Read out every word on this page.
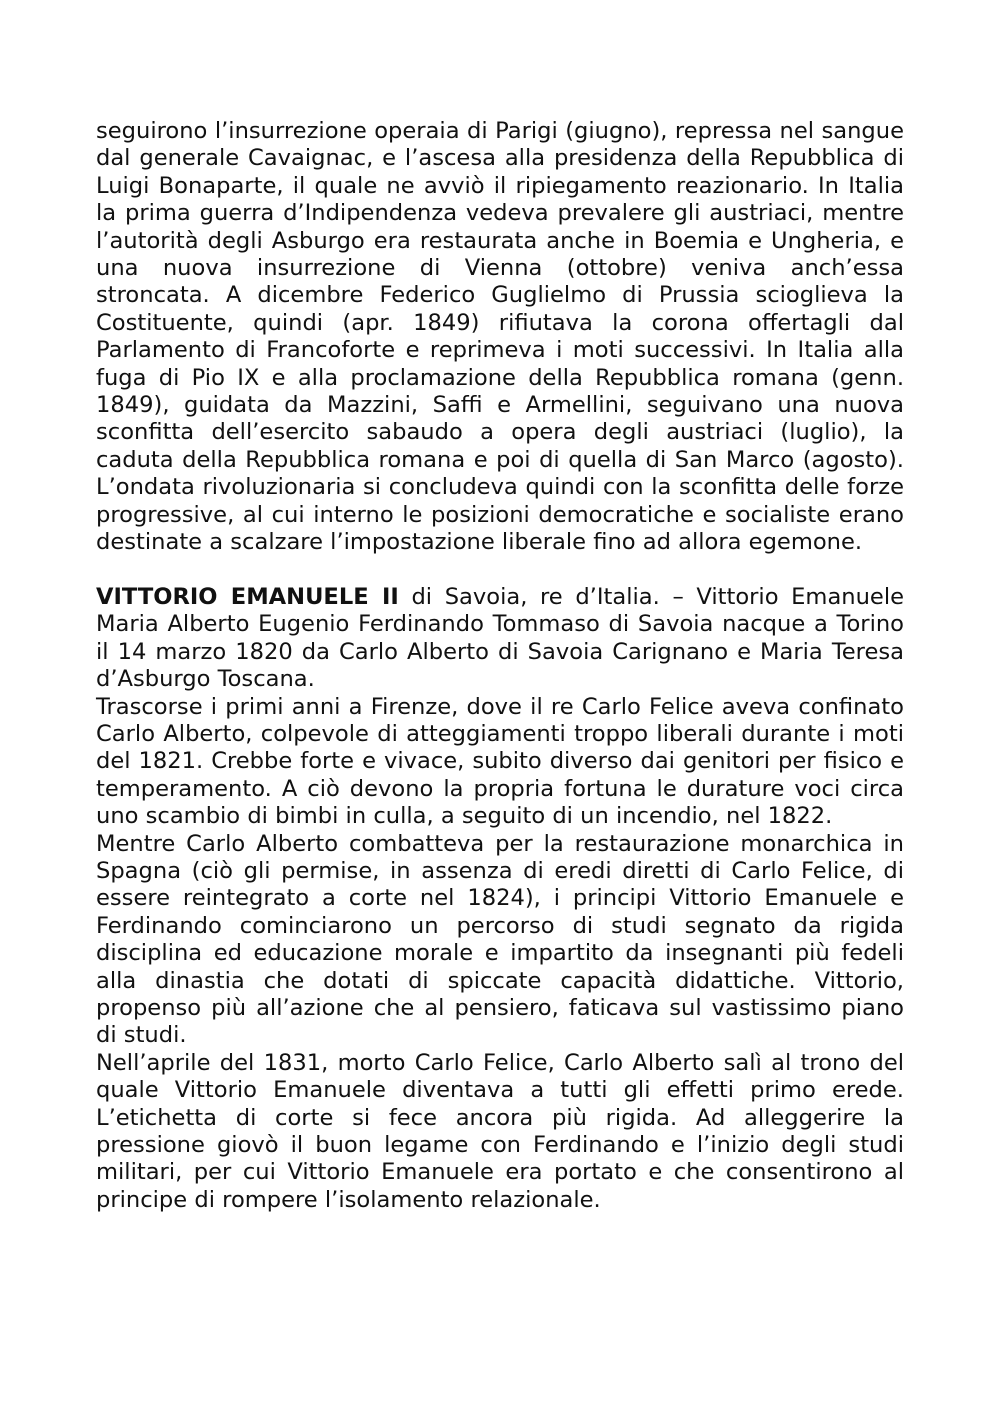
seguirono l’insurrezione operaia di Parigi (giugno), repressa nel sangue dal generale Cavaignac, e l’ascesa alla presidenza della Repubblica di Luigi Bonaparte, il quale ne avviò il ripiegamento reazionario. In Italia la prima guerra d’Indipendenza vedeva prevalere gli austriaci, mentre l’autorità degli Asburgo era restaurata anche in Boemia e Ungheria, e una nuova insurrezione di Vienna (ottobre) veniva anch’essa stroncata. A dicembre Federico Guglielmo di Prussia scioglieva la Costituente, quindi (apr. 1849) rifiutava la corona offertagli dal Parlamento di Francoforte e reprimeva i moti successivi. In Italia alla fuga di Pio IX e alla proclamazione della Repubblica romana (genn. 1849), guidata da Mazzini, Saffi e Armellini, seguivano una nuova sconfitta dell’esercito sabaudo a opera degli austriaci (luglio), la caduta della Repubblica romana e poi di quella di San Marco (agosto). L’ondata rivoluzionaria si concludeva quindi con la sconfitta delle forze progressive, al cui interno le posizioni democratiche e socialiste erano destinate a scalzare l’impostazione liberale fino ad allora egemone.

VITTORIO EMANUELE II di Savoia, re d’Italia. – Vittorio Emanuele Maria Alberto Eugenio Ferdinando Tommaso di Savoia nacque a Torino il 14 marzo 1820 da Carlo Alberto di Savoia Carignano e Maria Teresa d’Asburgo Toscana.

Trascorse i primi anni a Firenze, dove il re Carlo Felice aveva confinato Carlo Alberto, colpevole di atteggiamenti troppo liberali durante i moti del 1821. Crebbe forte e vivace, subito diverso dai genitori per fisico e temperamento. A ciò devono la propria fortuna le durature voci circa uno scambio di bimbi in culla, a seguito di un incendio, nel 1822.

Mentre Carlo Alberto combatteva per la restaurazione monarchica in Spagna (ciò gli permise, in assenza di eredi diretti di Carlo Felice, di essere reintegrato a corte nel 1824), i principi Vittorio Emanuele e Ferdinando cominciarono un percorso di studi segnato da rigida disciplina ed educazione morale e impartito da insegnanti più fedeli alla dinastia che dotati di spiccate capacità didattiche. Vittorio, propenso più all’azione che al pensiero, faticava sul vastissimo piano di studi.

Nell’aprile del 1831, morto Carlo Felice, Carlo Alberto salì al trono del quale Vittorio Emanuele diventava a tutti gli effetti primo erede. L’etichetta di corte si fece ancora più rigida. Ad alleggerire la pressione giovò il buon legame con Ferdinando e l’inizio degli studi militari, per cui Vittorio Emanuele era portato e che consentirono al principe di rompere l’isolamento relazionale.
